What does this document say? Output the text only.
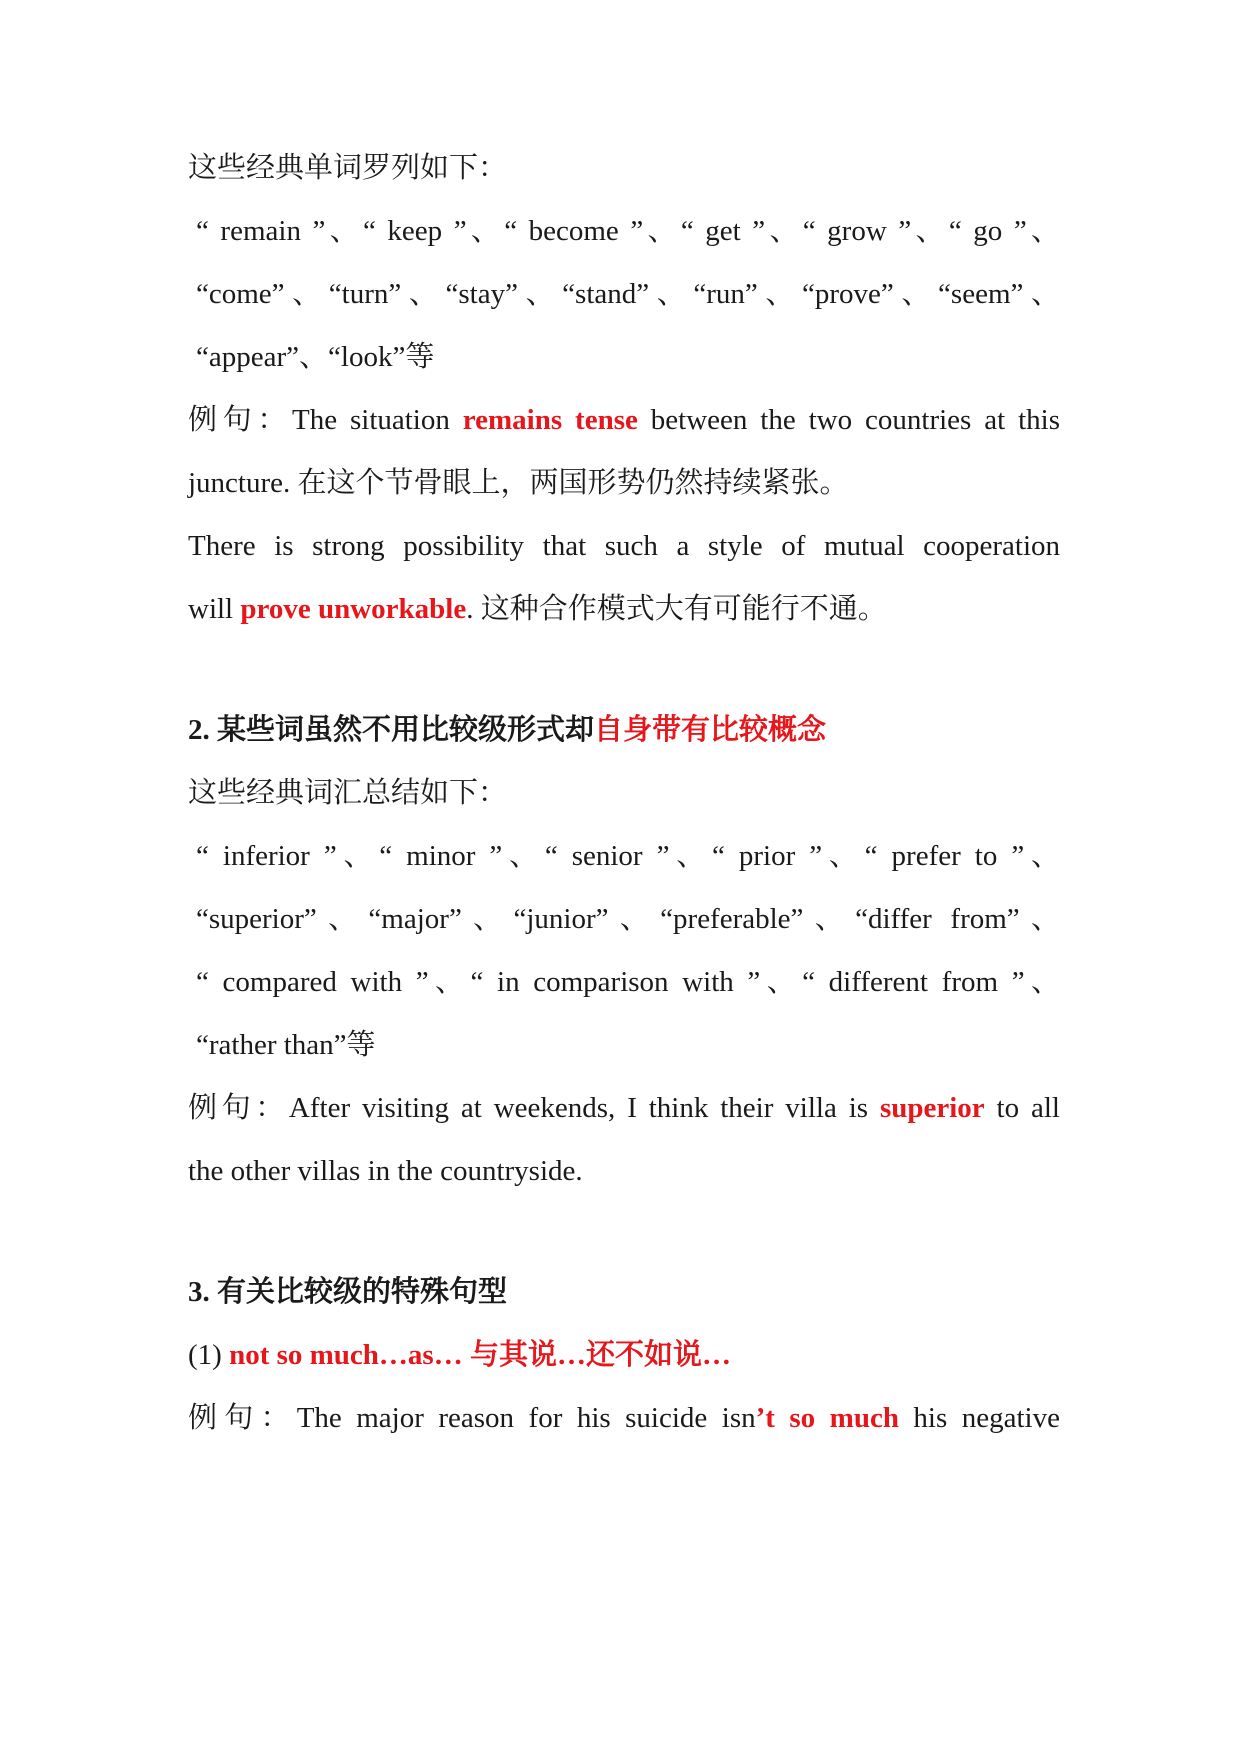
这些经典单词罗列如下：
“ remain ”、“ keep ”、“ become ”、“ get ”、“ grow ”、“ go ”、
“come”、“turn”、“stay”、“stand”、“run”、“prove”、“seem”、
“appear”、“look”等
例句：The situation remains tense between the two countries at this
juncture. 在这个节骨眼上，两国形势仍然持续紧张。
There is strong possibility that such a style of mutual cooperation
will prove unworkable. 这种合作模式大有可能行不通。
2. 某些词虽然不用比较级形式却自身带有比较概念
这些经典词汇总结如下：
“ inferior ”、“ minor ”、“ senior ”、“ prior ”、“ prefer to ”、
“superior”、“major”、“junior”、“preferable”、“differ from”、
“ compared with ”、“ in comparison with ”、“ different from ”、
“rather than”等
例句：After visiting at weekends, I think their villa is superior to all
the other villas in the countryside.
3. 有关比较级的特殊句型
(1) not so much…as… 与其说…还不如说…
例句：The major reason for his suicide isn’t so much his negative
